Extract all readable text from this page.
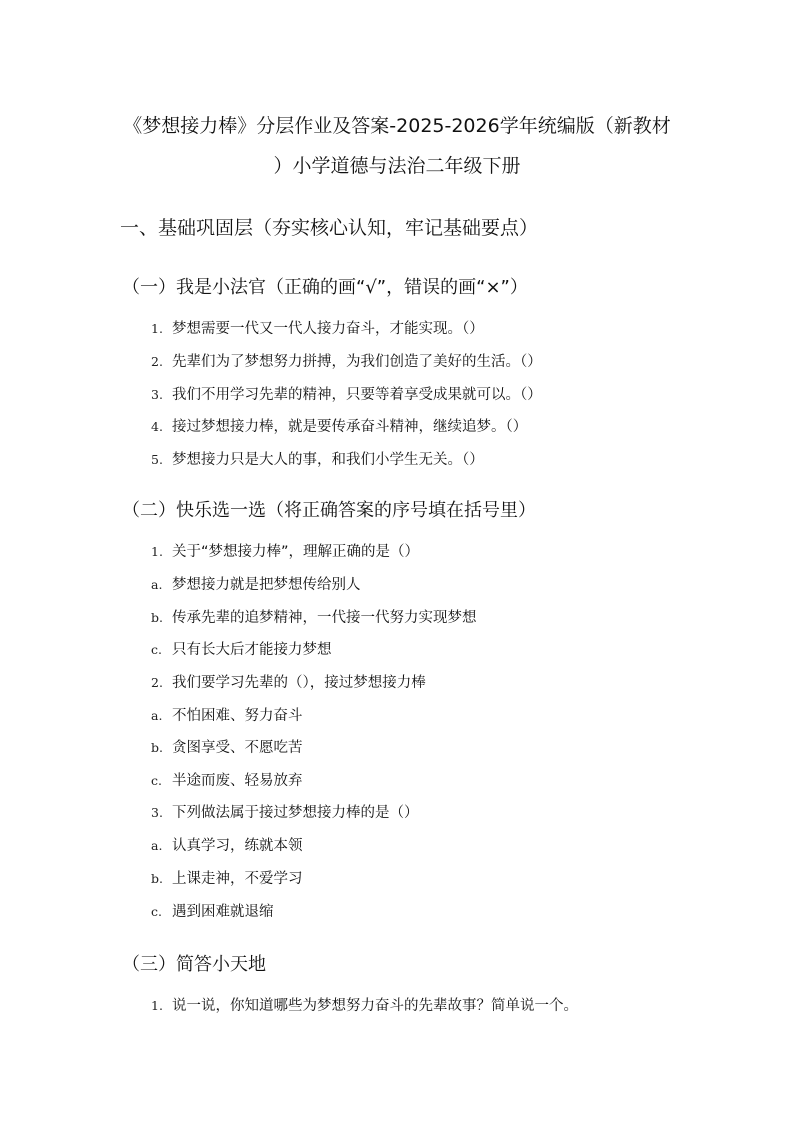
《梦想接力棒》分层作业及答案-2025-2026学年统编版（新教材
）小学道德与法治二年级下册
一、基础巩固层（夯实核心认知，牢记基础要点）
（一）我是小法官（正确的画“√”，错误的画“×”）
1. 梦想需要一代又一代人接力奋斗，才能实现。（）
2. 先辈们为了梦想努力拼搏，为我们创造了美好的生活。（）
3. 我们不用学习先辈的精神，只要等着享受成果就可以。（）
4. 接过梦想接力棒，就是要传承奋斗精神，继续追梦。（）
5. 梦想接力只是大人的事，和我们小学生无关。（）
（二）快乐选一选（将正确答案的序号填在括号里）
1. 关于“梦想接力棒”，理解正确的是（）
a. 梦想接力就是把梦想传给别人
b. 传承先辈的追梦精神，一代接一代努力实现梦想
c. 只有长大后才能接力梦想
2. 我们要学习先辈的（），接过梦想接力棒
a. 不怕困难、努力奋斗
b. 贪图享受、不愿吃苦
c. 半途而废、轻易放弃
3. 下列做法属于接过梦想接力棒的是（）
a. 认真学习，练就本领
b. 上课走神，不爱学习
c. 遇到困难就退缩
（三）简答小天地
1. 说一说，你知道哪些为梦想努力奋斗的先辈故事？简单说一个。
